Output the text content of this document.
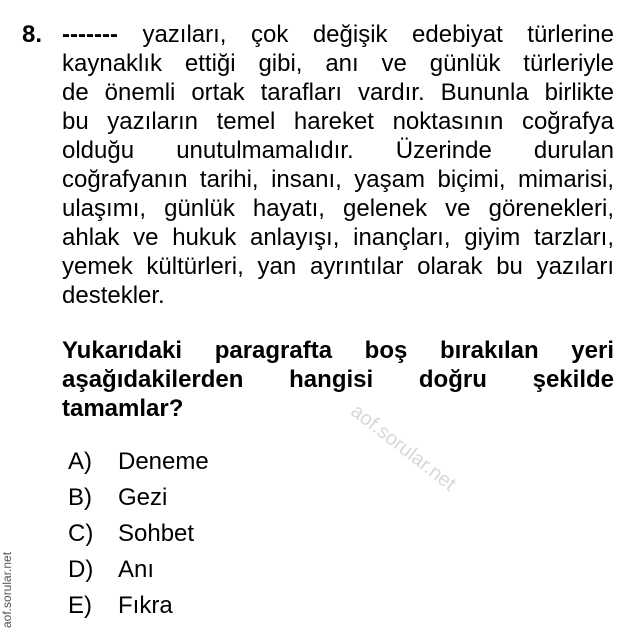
8. ------- yazıları, çok değişik edebiyat türlerine
kaynaklık ettiği gibi, anı ve günlük türleriyle
de önemli ortak tarafları vardır. Bununla birlikte
bu yazıların temel hareket noktasının coğrafya
olduğu unutulmamalıdır. Üzerinde durulan
coğrafyanın tarihi, insanı, yaşam biçimi, mimarisi,
ulaşımı, günlük hayatı, gelenek ve görenekleri,
ahlak ve hukuk anlayışı, inançları, giyim tarzları,
yemek kültürleri, yan ayrıntılar olarak bu yazıları
destekler.
Yukarıdaki paragrafta boş bırakılan yeri
aşağıdakilerden hangisi doğru şekilde
tamamlar?	aof.sorular.net
A)	Deneme
B)	Gezi
C)	Sohbet
D)	Anı
E)	Fıkra
aof.sorular.net
